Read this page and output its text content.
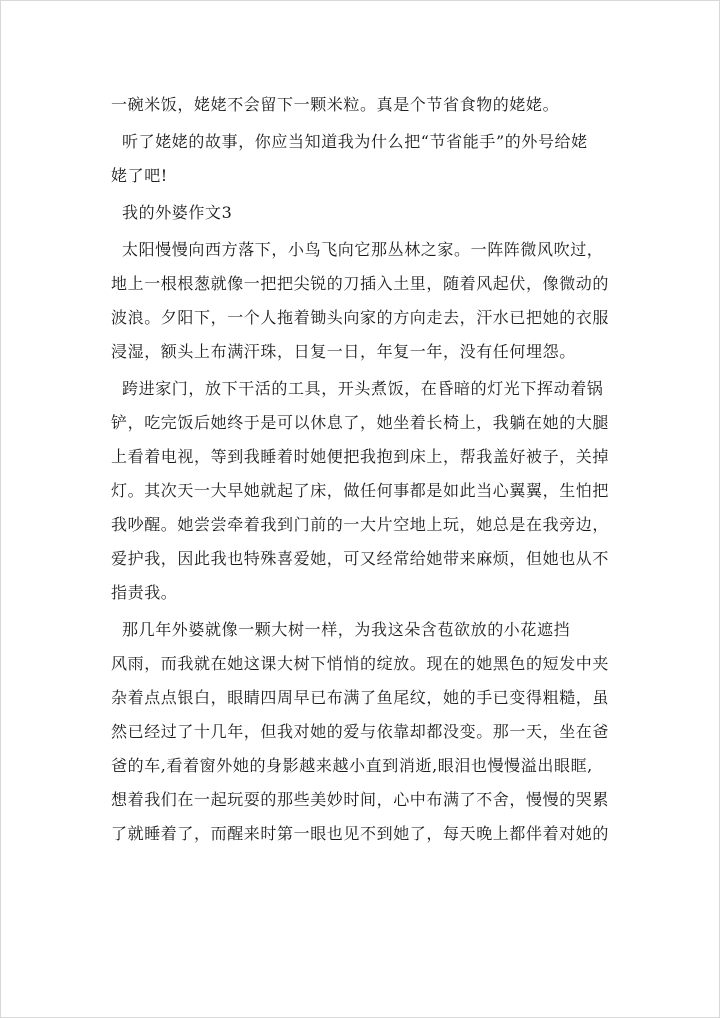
一碗米饭，姥姥不会留下一颗米粒。真是个节省食物的姥姥。
听了姥姥的故事，你应当知道我为什么把“节省能手”的外号给姥
姥了吧!
我的外婆作文3
太阳慢慢向西方落下，小鸟飞向它那丛林之家。一阵阵微风吹过，
地上一根根葱就像一把把尖锐的刀插入土里，随着风起伏，像微动的
波浪。夕阳下，一个人拖着锄头向家的方向走去，汗水已把她的衣服
浸湿，额头上布满汗珠，日复一日，年复一年，没有任何埋怨。
跨进家门，放下干活的工具，开头煮饭，在昏暗的灯光下挥动着锅
铲，吃完饭后她终于是可以休息了，她坐着长椅上，我躺在她的大腿
上看着电视，等到我睡着时她便把我抱到床上，帮我盖好被子，关掉
灯。其次天一大早她就起了床，做任何事都是如此当心翼翼，生怕把
我吵醒。她尝尝牵着我到门前的一大片空地上玩，她总是在我旁边，
爱护我，因此我也特殊喜爱她，可又经常给她带来麻烦，但她也从不
指责我。
那几年外婆就像一颗大树一样，为我这朵含苞欲放的小花遮挡
风雨，而我就在她这课大树下悄悄的绽放。现在的她黑色的短发中夹
杂着点点银白，眼睛四周早已布满了鱼尾纹，她的手已变得粗糙，虽
然已经过了十几年，但我对她的爱与依靠却都没变。那一天，坐在爸
爸的车,看着窗外她的身影越来越小直到消逝,眼泪也慢慢溢出眼眶,
想着我们在一起玩耍的那些美妙时间，心中布满了不舍，慢慢的哭累
了就睡着了，而醒来时第一眼也见不到她了，每天晚上都伴着对她的
